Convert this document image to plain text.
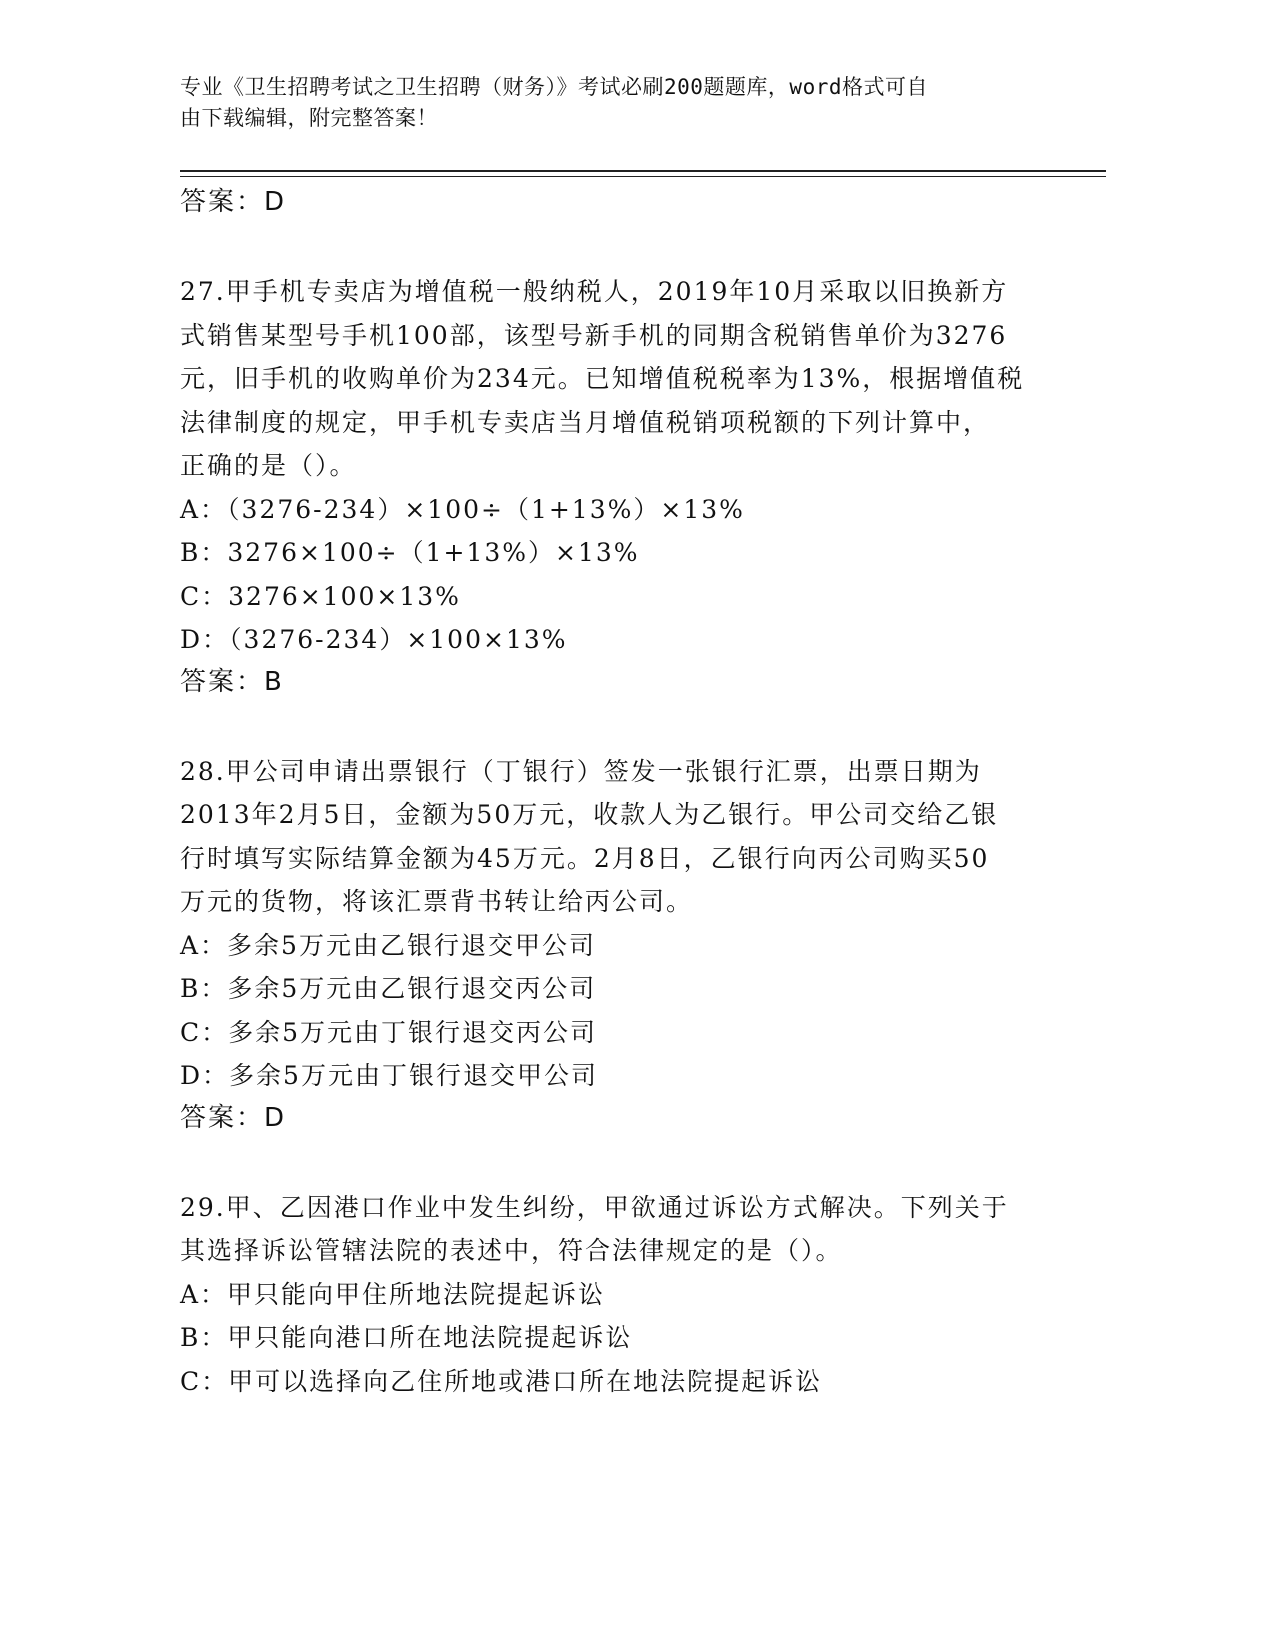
专业《卫生招聘考试之卫生招聘（财务）》考试必刷200题题库，word格式可自
由下载编辑，附完整答案！

答案：D

27.甲手机专卖店为增值税一般纳税人，2019年10月采取以旧换新方
式销售某型号手机100部，该型号新手机的同期含税销售单价为3276
元，旧手机的收购单价为234元。已知增值税税率为13%，根据增值税
法律制度的规定，甲手机专卖店当月增值税销项税额的下列计算中，
正确的是（）。

A：（3276-234）×100÷（1+13%）×13%

B：3276×100÷（1+13%）×13%

C：3276×100×13%

D：（3276-234）×100×13%

答案：B

28.甲公司申请出票银行（丁银行）签发一张银行汇票，出票日期为
2013年2月5日，金额为50万元，收款人为乙银行。甲公司交给乙银
行时填写实际结算金额为45万元。2月8日，乙银行向丙公司购买50
万元的货物，将该汇票背书转让给丙公司。

A：多余5万元由乙银行退交甲公司

B：多余5万元由乙银行退交丙公司

C：多余5万元由丁银行退交丙公司

D：多余5万元由丁银行退交甲公司

答案：D

29.甲、乙因港口作业中发生纠纷，甲欲通过诉讼方式解决。下列关于
其选择诉讼管辖法院的表述中，符合法律规定的是（）。

A：甲只能向甲住所地法院提起诉讼

B：甲只能向港口所在地法院提起诉讼

C：甲可以选择向乙住所地或港口所在地法院提起诉讼
